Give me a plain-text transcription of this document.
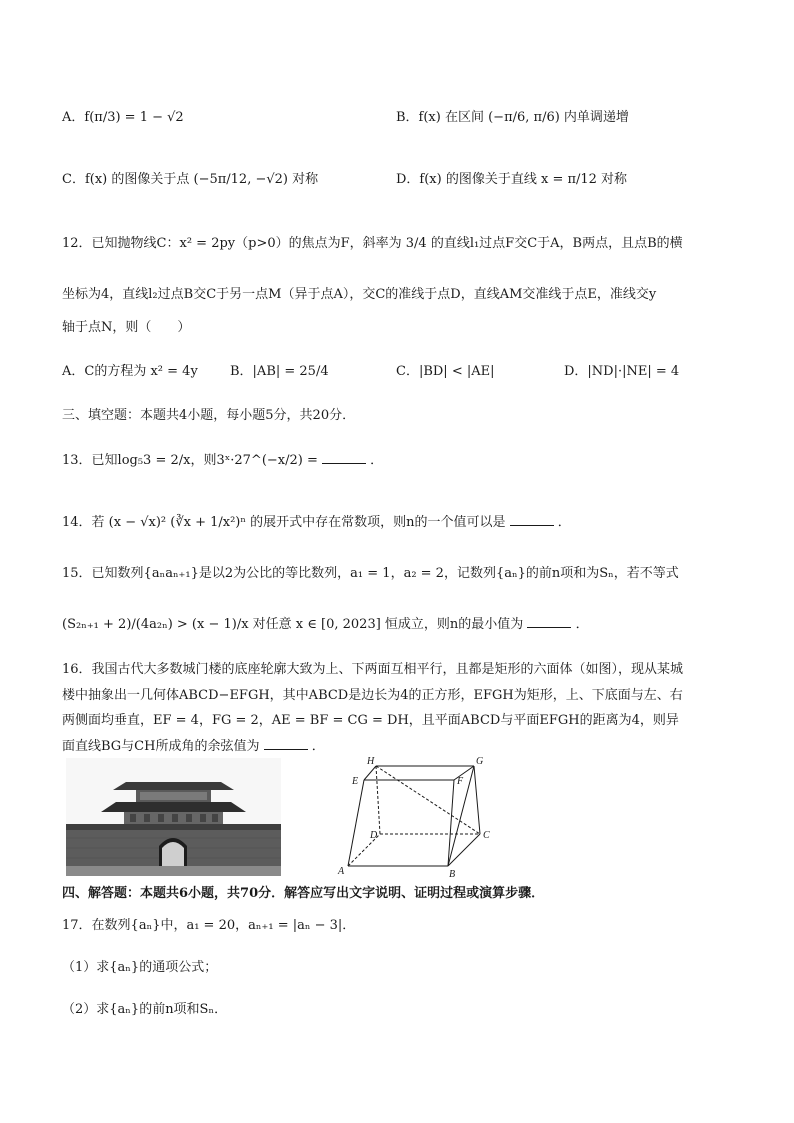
A．f(π/3) = 1 − √2	B．f(x) 在区间 (−π/6, π/6) 内单调递增
C．f(x) 的图像关于点 (−5π/12, −√2) 对称	D．f(x) 的图像关于直线 x = π/12 对称
12．已知抛物线C：x² = 2py（p>0）的焦点为F，斜率为 3/4 的直线l₁过点F交C于A，B两点，且点B的横
坐标为4，直线l₂过点B交C于另一点M（异于点A），交C的准线于点D，直线AM交准线于点E，准线交y
轴于点N，则（　　）
A．C的方程为 x² = 4y B．|AB| = 25/4	C．|BD| < |AE|	D．|ND|·|NE| = 4
三、填空题：本题共4小题，每小题5分，共20分．
13．已知log₅3 = 2/x，则3ˣ·27^(−x/2) =	．
14．若 (x − √x)² (∛x + 1/x²)ⁿ 的展开式中存在常数项，则n的一个值可以是	．
15．已知数列{aₙaₙ₊₁}是以2为公比的等比数列，a₁ = 1，a₂ = 2，记数列{aₙ}的前n项和为Sₙ，若不等式
(S₂ₙ₊₁ + 2)/(4a₂ₙ) > (x − 1)/x 对任意 x ∈ [0, 2023] 恒成立，则n的最小值为	．
16．我国古代大多数城门楼的底座轮廓大致为上、下两面互相平行，且都是矩形的六面体（如图），现从某城
楼中抽象出一几何体ABCD−EFGH，其中ABCD是边长为4的正方形，EFGH为矩形，上、下底面与左、右
两侧面均垂直，EF = 4，FG = 2，AE = BF = CG = DH，且平面ABCD与平面EFGH的距离为4，则异
面直线BG与CH所成角的余弦值为	．
H	G
E	F
D	C
A	B
四、解答题：本题共6小题，共70分．解答应写出文字说明、证明过程或演算步骤．
17．在数列{aₙ}中，a₁ = 20，aₙ₊₁ = |aₙ − 3|．
（1）求{aₙ}的通项公式；
（2）求{aₙ}的前n项和Sₙ．
